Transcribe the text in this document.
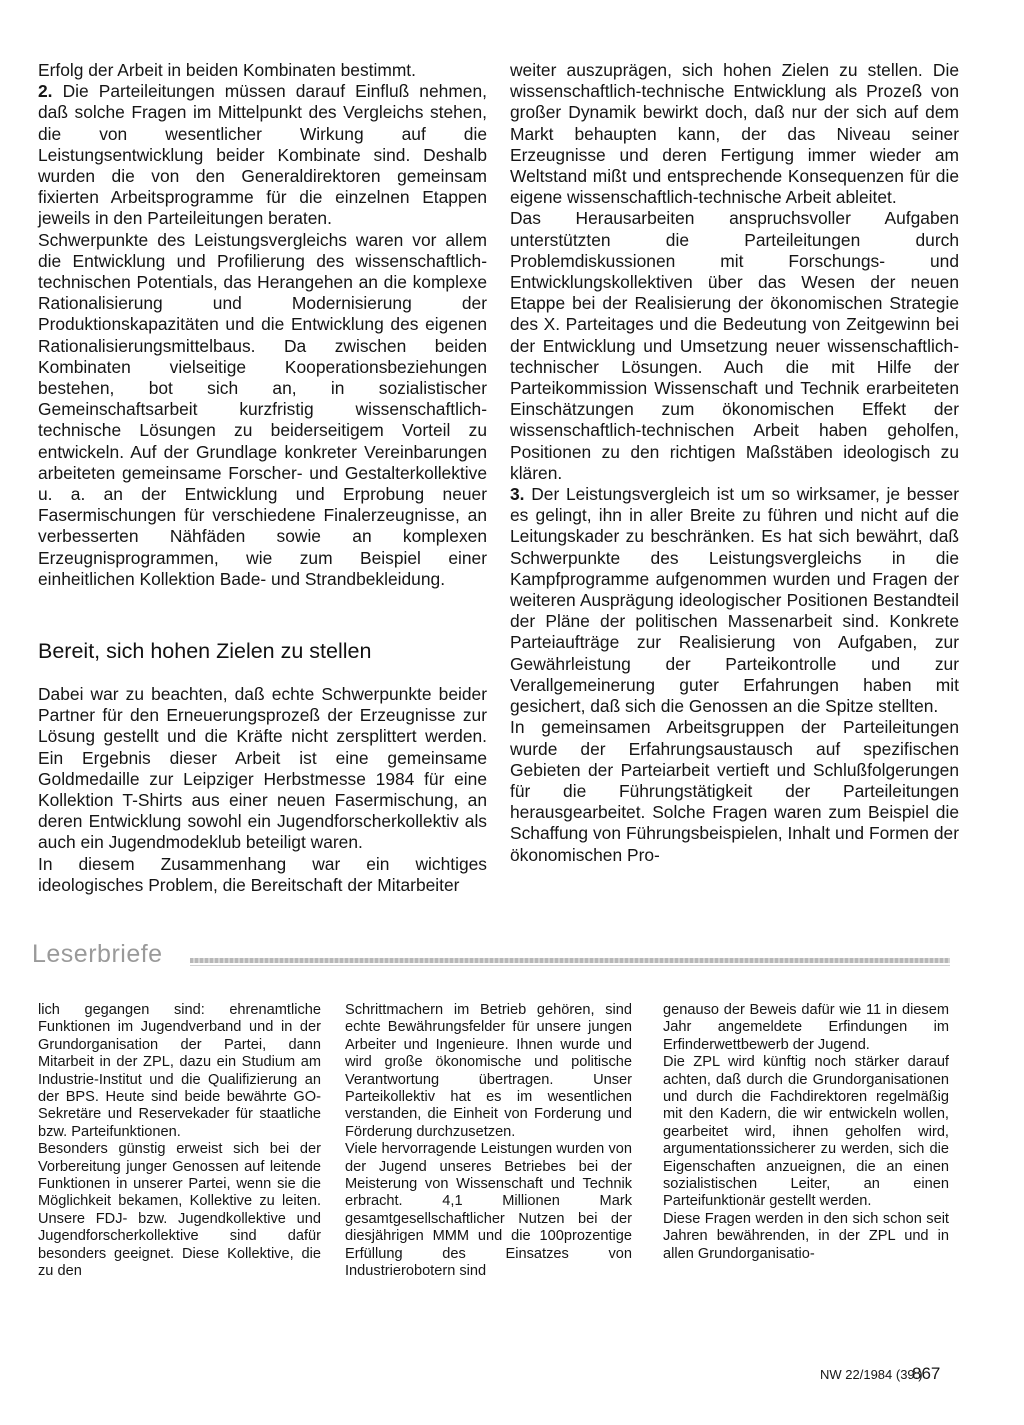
Erfolg der Arbeit in beiden Kombinaten bestimmt.

2. Die Parteileitungen müssen darauf Einfluß nehmen, daß solche Fragen im Mittelpunkt des Vergleichs stehen, die von wesentlicher Wirkung auf die Leistungsentwicklung beider Kombinate sind. Deshalb wurden die von den Generaldirektoren gemeinsam fixierten Arbeitsprogramme für die einzelnen Etappen jeweils in den Parteileitungen beraten.

Schwerpunkte des Leistungsvergleichs waren vor allem die Entwicklung und Profilierung des wissenschaftlich-technischen Potentials, das Herangehen an die komplexe Rationalisierung und Modernisierung der Produktionskapazitäten und die Entwicklung des eigenen Rationalisierungsmittelbaus. Da zwischen beiden Kombinaten vielseitige Kooperationsbeziehungen bestehen, bot sich an, in sozialistischer Gemeinschaftsarbeit kurzfristig wissenschaftlich-technische Lösungen zu beiderseitigem Vorteil zu entwickeln. Auf der Grundlage konkreter Vereinbarungen arbeiteten gemeinsame Forscher- und Gestalterkollektive u. a. an der Entwicklung und Erprobung neuer Fasermischungen für verschiedene Finalerzeugnisse, an verbesserten Nähfäden sowie an komplexen Erzeugnisprogrammen, wie zum Beispiel einer einheitlichen Kollektion Bade- und Strandbekleidung.

Bereit, sich hohen Zielen zu stellen

Dabei war zu beachten, daß echte Schwerpunkte beider Partner für den Erneuerungsprozeß der Erzeugnisse zur Lösung gestellt und die Kräfte nicht zersplittert werden. Ein Ergebnis dieser Arbeit ist eine gemeinsame Goldmedaille zur Leipziger Herbstmesse 1984 für eine Kollektion T-Shirts aus einer neuen Fasermischung, an deren Entwicklung sowohl ein Jugendforscherkollektiv als auch ein Jugendmodeklub beteiligt waren.

In diesem Zusammenhang war ein wichtiges ideologisches Problem, die Bereitschaft der Mitarbeiter

weiter auszuprägen, sich hohen Zielen zu stellen. Die wissenschaftlich-technische Entwicklung als Prozeß von großer Dynamik bewirkt doch, daß nur der sich auf dem Markt behaupten kann, der das Niveau seiner Erzeugnisse und deren Fertigung immer wieder am Weltstand mißt und entsprechende Konsequenzen für die eigene wissenschaftlich-technische Arbeit ableitet.

Das Herausarbeiten anspruchsvoller Aufgaben unterstützten die Parteileitungen durch Problemdiskussionen mit Forschungs- und Entwicklungskollektiven über das Wesen der neuen Etappe bei der Realisierung der ökonomischen Strategie des X. Parteitages und die Bedeutung von Zeitgewinn bei der Entwicklung und Umsetzung neuer wissenschaftlich-technischer Lösungen. Auch die mit Hilfe der Parteikommission Wissenschaft und Technik erarbeiteten Einschätzungen zum ökonomischen Effekt der wissenschaftlich-technischen Arbeit haben geholfen, Positionen zu den richtigen Maßstäben ideologisch zu klären.

3. Der Leistungsvergleich ist um so wirksamer, je besser es gelingt, ihn in aller Breite zu führen und nicht auf die Leitungskader zu beschränken. Es hat sich bewährt, daß Schwerpunkte des Leistungsvergleichs in die Kampfprogramme aufgenommen wurden und Fragen der weiteren Ausprägung ideologischer Positionen Bestandteil der Pläne der politischen Massenarbeit sind. Konkrete Parteiaufträge zur Realisierung von Aufgaben, zur Gewährleistung der Parteikontrolle und zur Verallgemeinerung guter Erfahrungen haben mit gesichert, daß sich die Genossen an die Spitze stellten.

In gemeinsamen Arbeitsgruppen der Parteileitungen wurde der Erfahrungsaustausch auf spezifischen Gebieten der Parteiarbeit vertieft und Schlußfolgerungen für die Führungstätigkeit der Parteileitungen herausgearbeitet. Solche Fragen waren zum Beispiel die Schaffung von Führungsbeispielen, Inhalt und Formen der ökonomischen Pro-

Leserbriefe

lich gegangen sind: ehrenamtliche Funktionen im Jugendverband und in der Grundorganisation der Partei, dann Mitarbeit in der ZPL, dazu ein Studium am Industrie-Institut und die Qualifizierung an der BPS. Heute sind beide bewährte GO-Sekretäre und Reservekader für staatliche bzw. Parteifunktionen.

Besonders günstig erweist sich bei der Vorbereitung junger Genossen auf leitende Funktionen in unserer Partei, wenn sie die Möglichkeit bekamen, Kollektive zu leiten. Unsere FDJ- bzw. Jugendkollektive und Jugendforscherkollektive sind dafür besonders geeignet. Diese Kollektive, die zu den

Schrittmachern im Betrieb gehören, sind echte Bewährungsfelder für unsere jungen Arbeiter und Ingenieure. Ihnen wurde und wird große ökonomische und politische Verantwortung übertragen. Unser Parteikollektiv hat es im wesentlichen verstanden, die Einheit von Forderung und Förderung durchzusetzen.

Viele hervorragende Leistungen wurden von der Jugend unseres Betriebes bei der Meisterung von Wissenschaft und Technik erbracht. 4,1 Millionen Mark gesamtgesellschaftlicher Nutzen bei der diesjährigen MMM und die 100prozentige Erfüllung des Einsatzes von Industrierobotern sind

genauso der Beweis dafür wie 11 in diesem Jahr angemeldete Erfindungen im Erfinderwettbewerb der Jugend.

Die ZPL wird künftig noch stärker darauf achten, daß durch die Grundorganisationen und durch die Fachdirektoren regelmäßig mit den Kadern, die wir entwickeln wollen, gearbeitet wird, ihnen geholfen wird, argumentationssicherer zu werden, sich die Eigenschaften anzueignen, die an einen sozialistischen Leiter, an einen Parteifunktionär gestellt werden.

Diese Fragen werden in den sich schon seit Jahren bewährenden, in der ZPL und in allen Grundorganisatio-

NW 22/1984 (39.)
867
